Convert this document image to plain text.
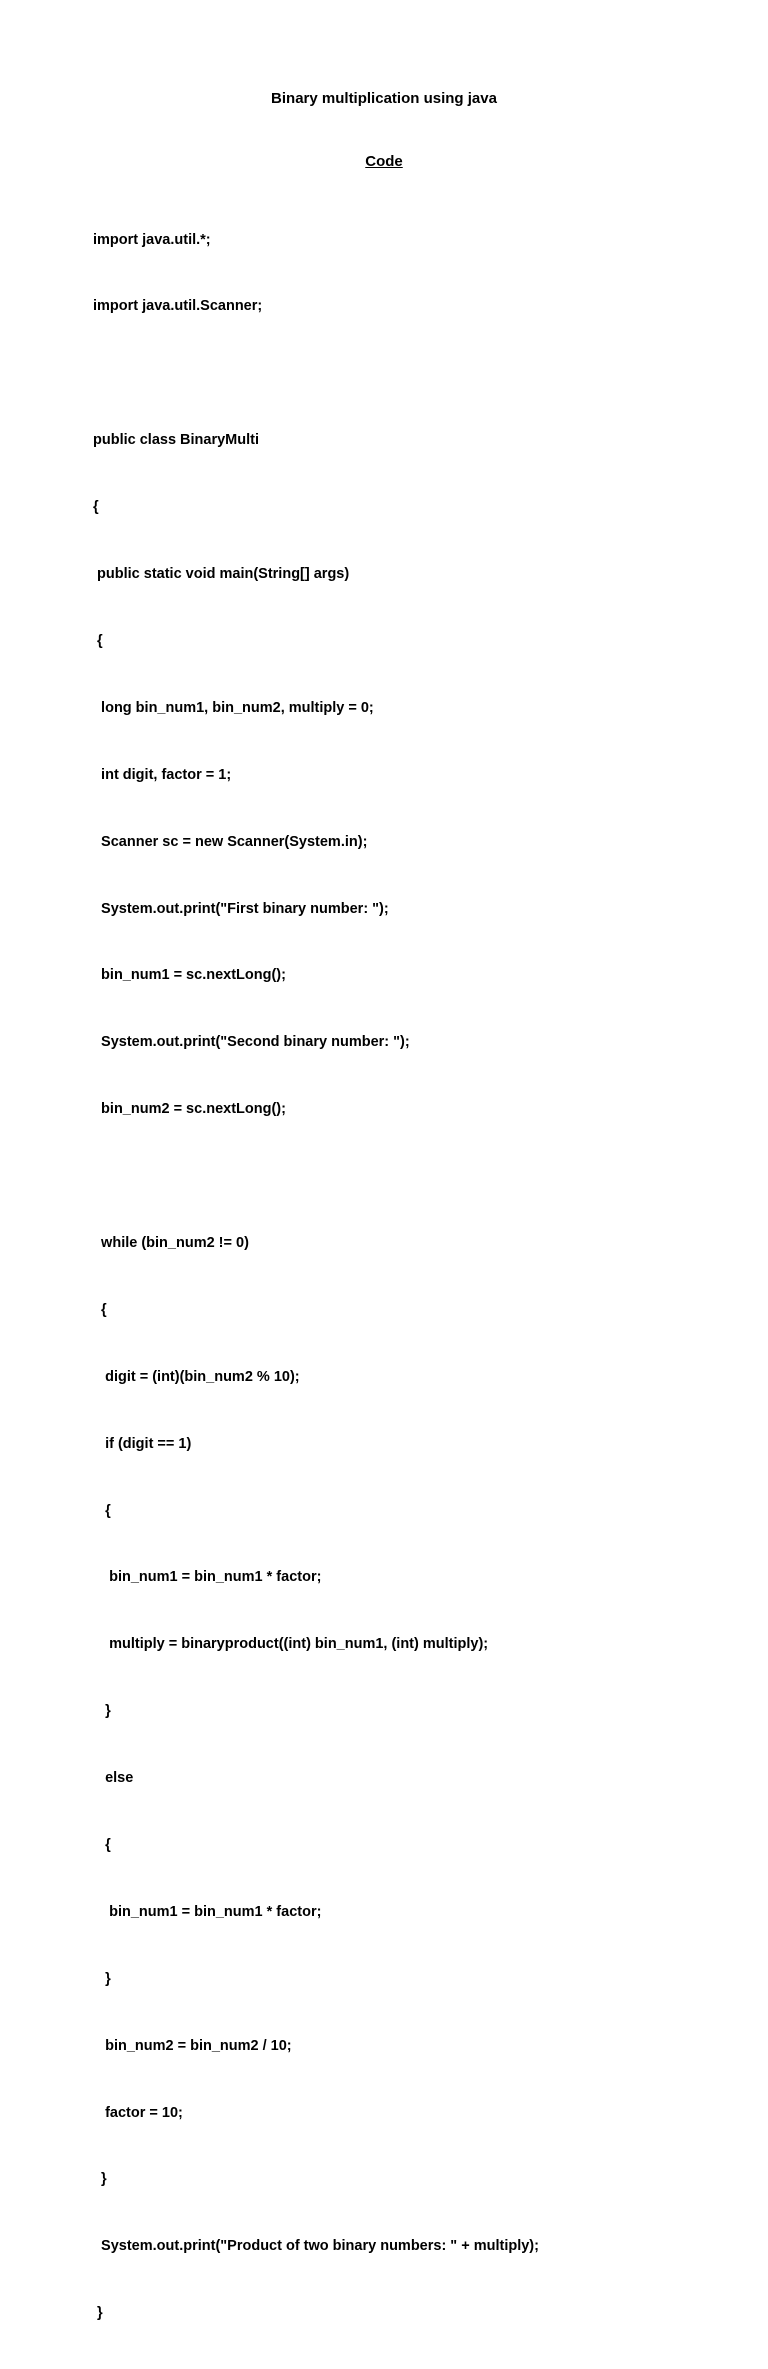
Binary multiplication using java
Code

import java.util.*;

import java.util.Scanner;

public class BinaryMulti

{

public static void main(String[] args)

{

long bin_num1, bin_num2, multiply = 0;

int digit, factor = 1;

Scanner sc = new Scanner(System.in);

System.out.print("First binary number: ");

bin_num1 = sc.nextLong();

System.out.print("Second binary number: ");

bin_num2 = sc.nextLong();

while (bin_num2 != 0)

{

digit = (int)(bin_num2 % 10);

if (digit == 1)

{

bin_num1 = bin_num1 * factor;

multiply = binaryproduct((int) bin_num1, (int) multiply);

}

else

{

bin_num1 = bin_num1 * factor;

}

bin_num2 = bin_num2 / 10;

factor = 10;

}

System.out.print("Product of two binary numbers: " + multiply);

}
